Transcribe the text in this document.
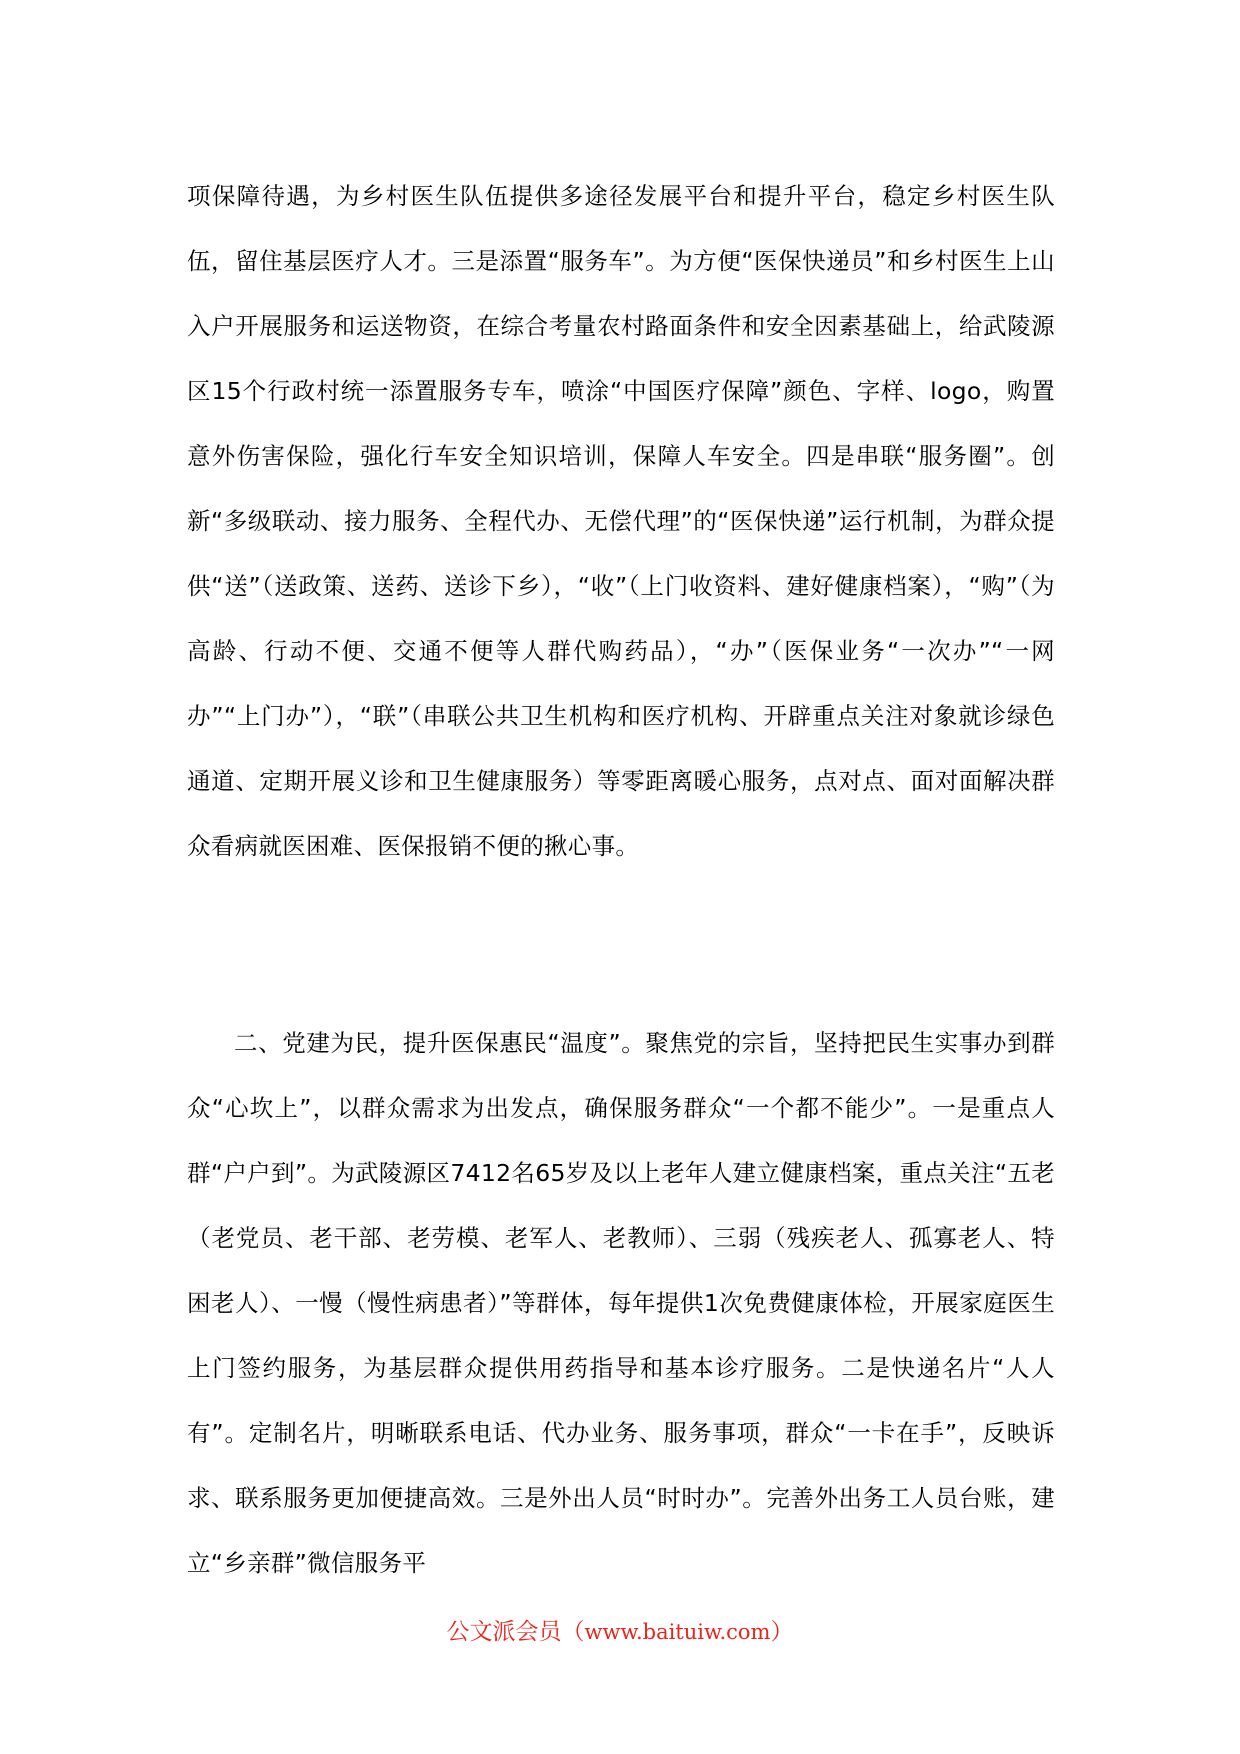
项保障待遇，为乡村医生队伍提供多途径发展平台和提升平台，稳定乡村医生队伍，留住基层医疗人才。三是添置“服务车”。为方便“医保快递员”和乡村医生上山入户开展服务和运送物资，在综合考量农村路面条件和安全因素基础上，给武陵源区15个行政村统一添置服务专车，喷涂“中国医疗保障”颜色、字样、logo，购置意外伤害保险，强化行车安全知识培训，保障人车安全。四是串联“服务圈”。创新“多级联动、接力服务、全程代办、无偿代理”的“医保快递”运行机制，为群众提供“送”（送政策、送药、送诊下乡），“收”（上门收资料、建好健康档案），“购”（为高龄、行动不便、交通不便等人群代购药品），“办”（医保业务“一次办”“一网办”“上门办”），“联”（串联公共卫生机构和医疗机构、开辟重点关注对象就诊绿色通道、定期开展义诊和卫生健康服务）等零距离暖心服务，点对点、面对面解决群众看病就医困难、医保报销不便的揪心事。

二、党建为民，提升医保惠民“温度”。聚焦党的宗旨，坚持把民生实事办到群众“心坎上”，以群众需求为出发点，确保服务群众“一个都不能少”。一是重点人群“户户到”。为武陵源区7412名65岁及以上老年人建立健康档案，重点关注“五老（老党员、老干部、老劳模、老军人、老教师）、三弱（残疾老人、孤寡老人、特困老人）、一慢（慢性病患者）”等群体，每年提供1次免费健康体检，开展家庭医生上门签约服务，为基层群众提供用药指导和基本诊疗服务。二是快递名片“人人有”。定制名片，明晰联系电话、代办业务、服务事项，群众“一卡在手”，反映诉求、联系服务更加便捷高效。三是外出人员“时时办”。完善外出务工人员台账，建立“乡亲群”微信服务平

公文派会员（www.baituiw.com）
